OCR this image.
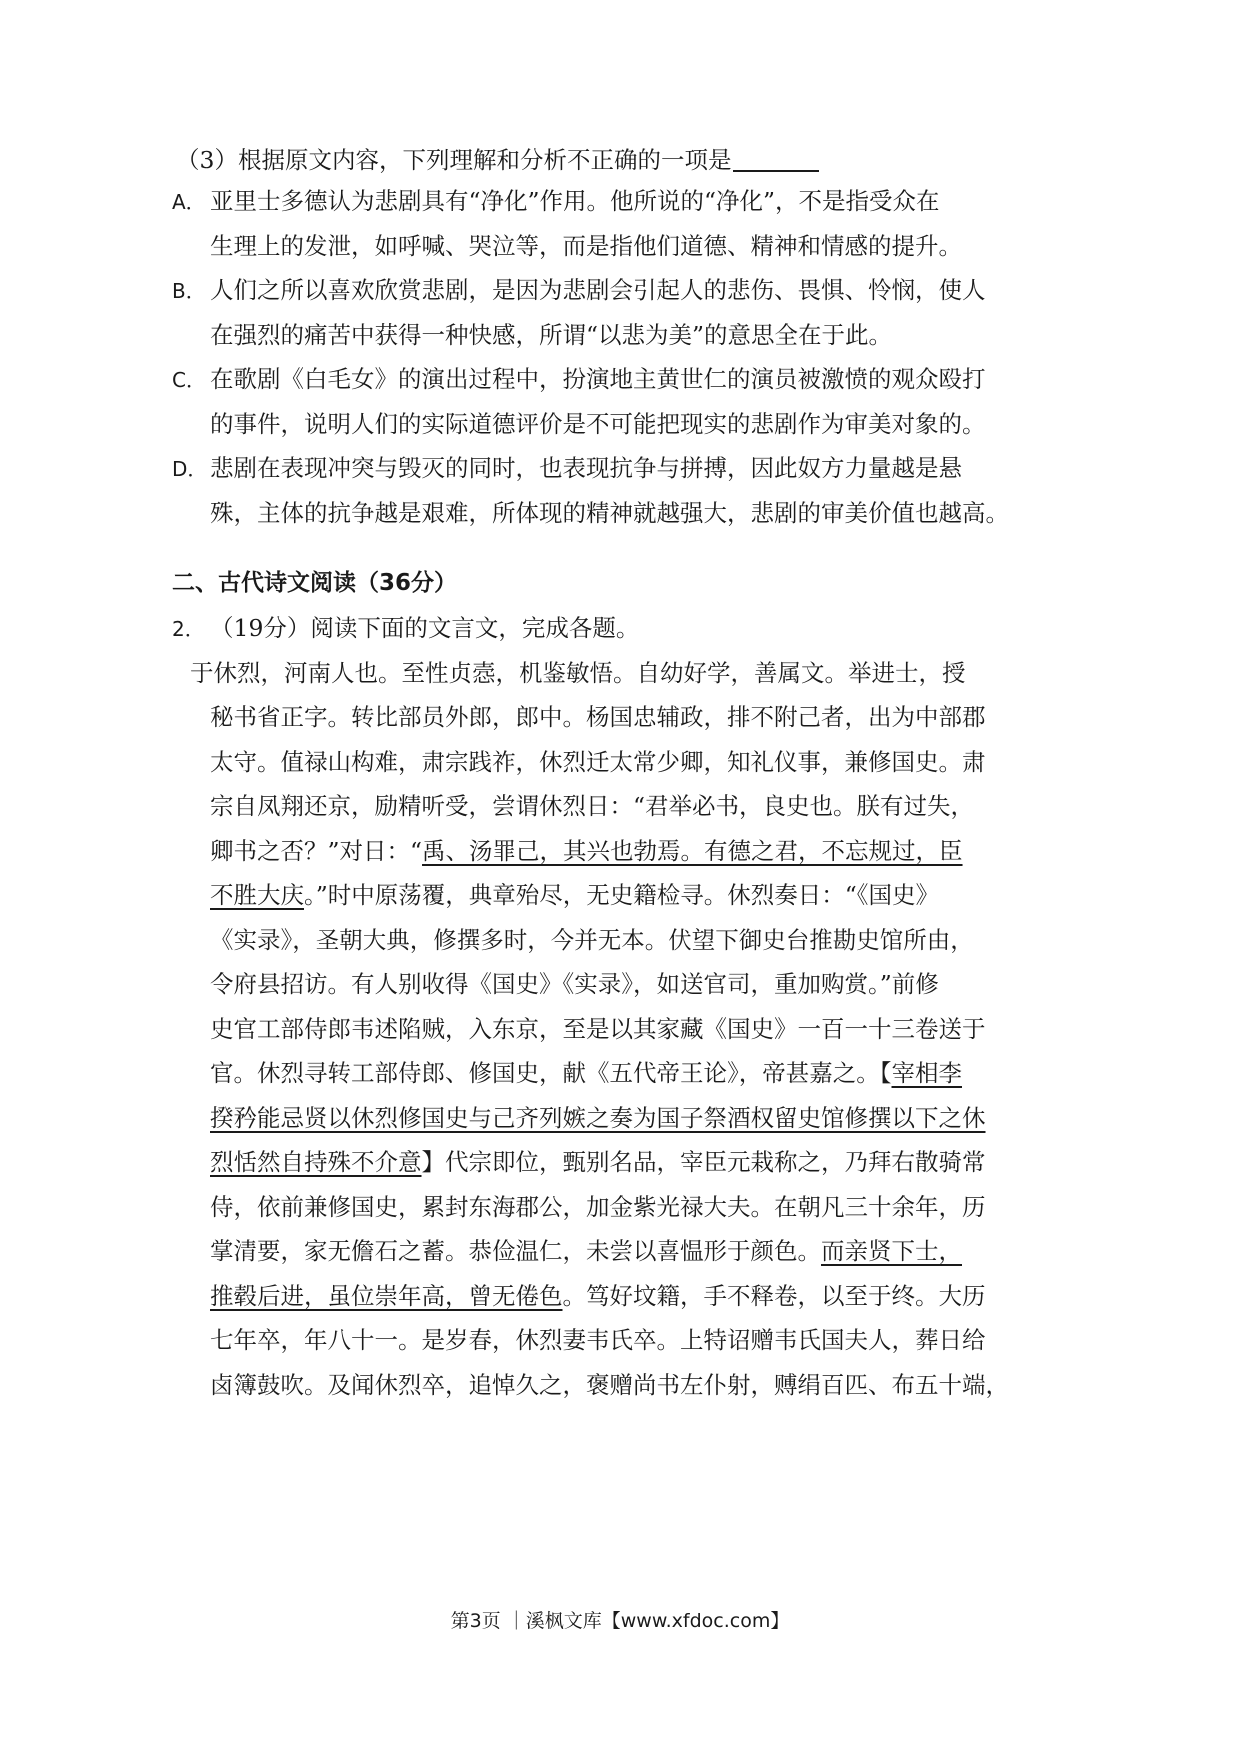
（3）根据原文内容，下列理解和分析不正确的一项是
A． 亚里士多德认为悲剧具有“净化”作用。他所说的“净化”，不是指受众在
生理上的发泄，如呼喊、哭泣等，而是指他们道德、精神和情感的提升。
B． 人们之所以喜欢欣赏悲剧，是因为悲剧会引起人的悲伤、畏惧、怜悯，使人
在强烈的痛苦中获得一种快感，所谓“以悲为美”的意思全在于此。
C． 在歌剧《白毛女》的演出过程中，扮演地主黄世仁的演员被激愤的观众殴打
的事件，说明人们的实际道德评价是不可能把现实的悲剧作为审美对象的。
D． 悲剧在表现冲突与毁灭的同时，也表现抗争与拼搏，因此奴方力量越是悬
殊，主体的抗争越是艰难，所体现的精神就越强大，悲剧的审美价值也越高。
二、古代诗文阅读（36分）
2． （19分）阅读下面的文言文，完成各题。
于休烈，河南人也。至性贞悫，机鉴敏悟。自幼好学，善属文。举进士，授
秘书省正字。转比部员外郎，郎中。杨国忠辅政，排不附己者，出为中部郡
太守。值禄山构难，肃宗践祚，休烈迁太常少卿，知礼仪事，兼修国史。肃
宗自凤翔还京，励精听受，尝谓休烈日：“君举必书，良史也。朕有过失，
卿书之否？”对日：“禹、汤罪己，其兴也勃焉。有德之君，不忘规过，臣
不胜大庆。”时中原荡覆，典章殆尽，无史籍检寻。休烈奏日：“《国史》
《实录》，圣朝大典，修撰多时，今并无本。伏望下御史台推勘史馆所由，
令府县招访。有人别收得《国史》《实录》，如送官司，重加购赏。”前修
史官工部侍郎韦述陷贼，入东京，至是以其家藏《国史》一百一十三卷送于
官。休烈寻转工部侍郎、修国史，献《五代帝王论》，帝甚嘉之。【宰相李
揆矜能忌贤以休烈修国史与己齐列嫉之奏为国子祭酒权留史馆修撰以下之休
烈恬然自持殊不介意】代宗即位，甄别名品，宰臣元栽称之，乃拜右散骑常
侍，依前兼修国史，累封东海郡公，加金紫光禄大夫。在朝凡三十余年，历
掌清要，家无儋石之蓄。恭俭温仁，未尝以喜愠形于颜色。而亲贤下士，
推毂后进，虽位崇年高，曾无倦色。笃好坟籍，手不释卷，以至于终。大历
七年卒，年八十一。是岁春，休烈妻韦氏卒。上特诏赠韦氏国夫人，葬日给
卤簿鼓吹。及闻休烈卒，追悼久之，褒赠尚书左仆射，赙绢百匹、布五十端，
第3页 ｜溪枫文库【www.xfdoc.com】
